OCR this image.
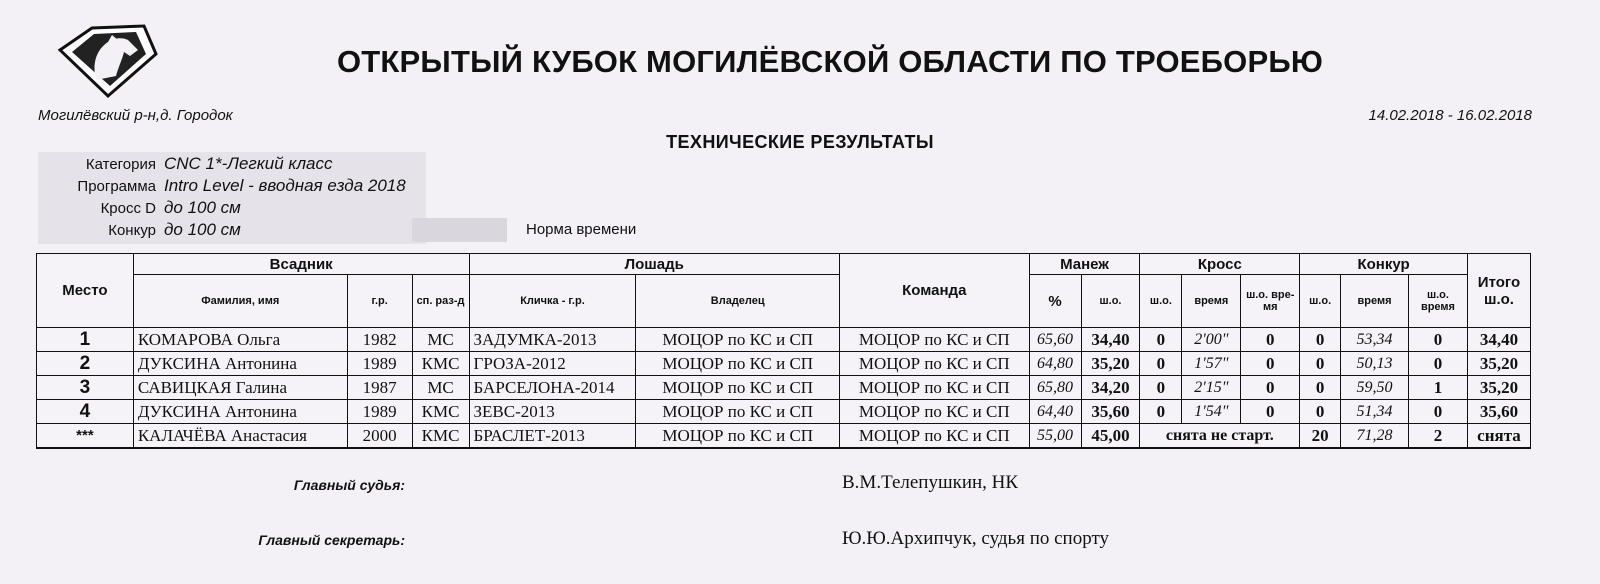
ОТКРЫТЫЙ КУБОК МОГИЛЁВСКОЙ ОБЛАСТИ ПО ТРОЕБОРЬЮ
Могилёвский р-н,д. Городок	14.02.2018 - 16.02.2018
ТЕХНИЧЕСКИЕ РЕЗУЛЬТАТЫ
Категория CNC 1*-Легкий класс
Программа Intro Level - вводная езда 2018
Кросс D до 100 см
Конкур до 100 см	Норма времени
Место	Всадник			Лошадь		Команда	Манеж		Кросс			Конкур			Итого ш.о.
	Фамилия, имя	г.р.	сп. раз-д	Кличка - г.р.	Владелец		%	ш.о.	ш.о.	время	ш.о. вре-мя	ш.о.	время	ш.о. время	
1	КОМАРОВА Ольга	1982	МС	ЗАДУМКА-2013	МОЦОР по КС и СП	МОЦОР по КС и СП	65,60	34,40	0	2'00"	0	0	53,34	0	34,40
2	ДУКСИНА Антонина	1989	КМС	ГРОЗА-2012	МОЦОР по КС и СП	МОЦОР по КС и СП	64,80	35,20	0	1'57"	0	0	50,13	0	35,20
3	САВИЦКАЯ Галина	1987	МС	БАРСЕЛОНА-2014	МОЦОР по КС и СП	МОЦОР по КС и СП	65,80	34,20	0	2'15"	0	0	59,50	1	35,20
4	ДУКСИНА Антонина	1989	КМС	ЗЕВС-2013	МОЦОР по КС и СП	МОЦОР по КС и СП	64,40	35,60	0	1'54"	0	0	51,34	0	35,60
***	КАЛАЧЁВА Анастасия	2000	КМС	БРАСЛЕТ-2013	МОЦОР по КС и СП	МОЦОР по КС и СП	55,00	45,00	снята не старт.			20	71,28	2	снята
Главный судья:	В.М.Телепушкин, НК
Главный секретарь:	Ю.Ю.Архипчук, судья по спорту
